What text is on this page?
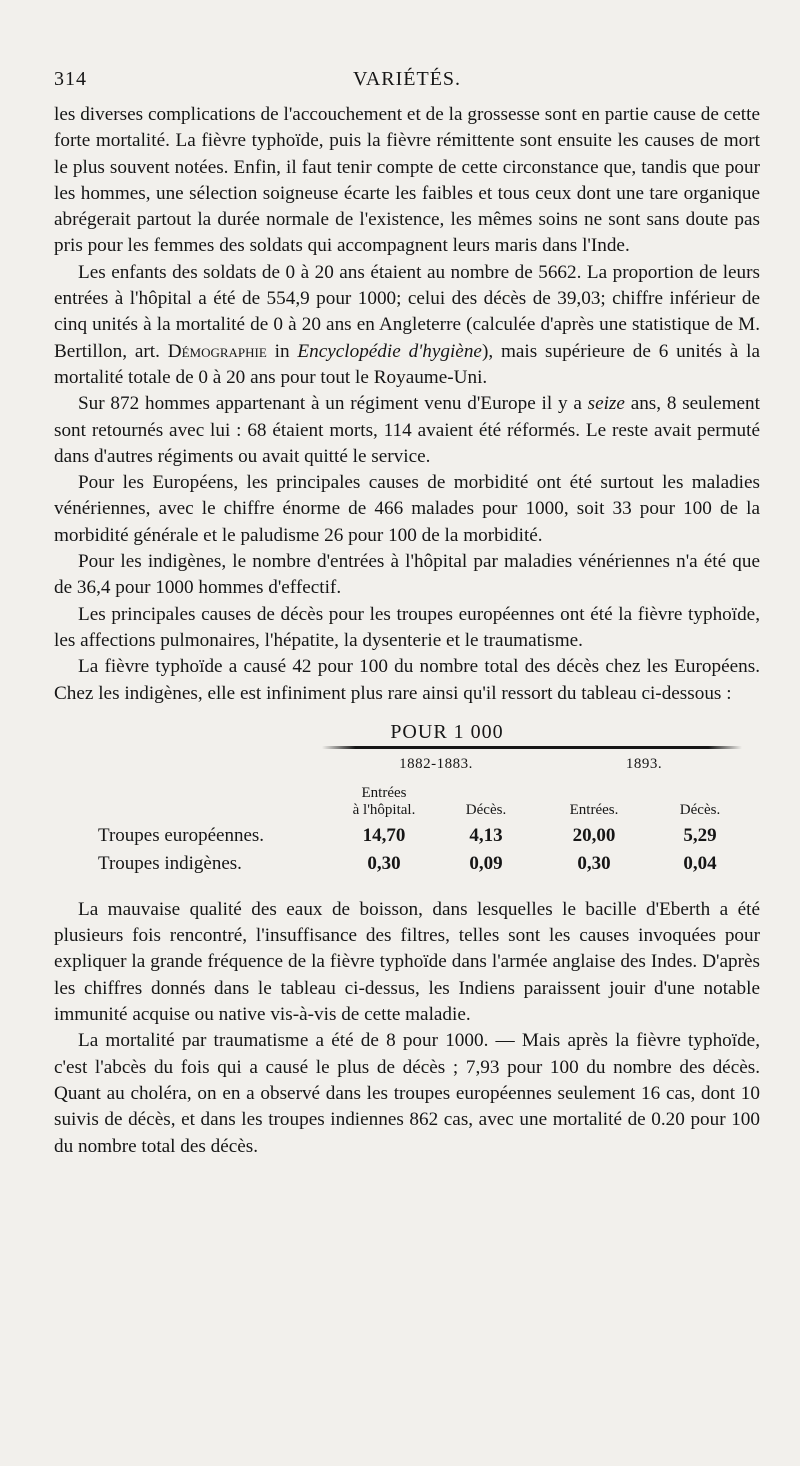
314	VARIÉTÉS.

les diverses complications de l'accouchement et de la grossesse sont en partie cause de cette forte mortalité. La fièvre typhoïde, puis la fièvre rémittente sont ensuite les causes de mort le plus souvent notées. Enfin, il faut tenir compte de cette circonstance que, tandis que pour les hommes, une sélection soigneuse écarte les faibles et tous ceux dont une tare organique abrégerait partout la durée normale de l'existence, les mêmes soins ne sont sans doute pas pris pour les femmes des soldats qui accompagnent leurs maris dans l'Inde.

Les enfants des soldats de 0 à 20 ans étaient au nombre de 5662. La proportion de leurs entrées à l'hôpital a été de 554,9 pour 1000; celui des décès de 39,03; chiffre inférieur de cinq unités à la mortalité de 0 à 20 ans en Angleterre (calculée d'après une statistique de M. Bertillon, art. Démographie in Encyclopédie d'hygiène), mais supérieure de 6 unités à la mortalité totale de 0 à 20 ans pour tout le Royaume-Uni.

Sur 872 hommes appartenant à un régiment venu d'Europe il y a seize ans, 8 seulement sont retournés avec lui : 68 étaient morts, 114 avaient été réformés. Le reste avait permuté dans d'autres régiments ou avait quitté le service.

Pour les Européens, les principales causes de morbidité ont été surtout les maladies vénériennes, avec le chiffre énorme de 466 malades pour 1000, soit 33 pour 100 de la morbidité générale et le paludisme 26 pour 100 de la morbidité.

Pour les indigènes, le nombre d'entrées à l'hôpital par maladies vénériennes n'a été que de 36,4 pour 1000 hommes d'effectif.

Les principales causes de décès pour les troupes européennes ont été la fièvre typhoïde, les affections pulmonaires, l'hépatite, la dysenterie et le traumatisme.

La fièvre typhoïde a causé 42 pour 100 du nombre total des décès chez les Européens. Chez les indigènes, elle est infiniment plus rare ainsi qu'il ressort du tableau ci-dessous :

POUR 1 000
	1882-1883.		1893.	
	Entrées
à l'hôpital.	Décès.	Entrées.	Décès.
Troupes européennes.	14,70	4,13	20,00	5,29
Troupes indigènes.	0,30	0,09	0,30	0,04

La mauvaise qualité des eaux de boisson, dans lesquelles le bacille d'Eberth a été plusieurs fois rencontré, l'insuffisance des filtres, telles sont les causes invoquées pour expliquer la grande fréquence de la fièvre typhoïde dans l'armée anglaise des Indes. D'après les chiffres donnés dans le tableau ci-dessus, les Indiens paraissent jouir d'une notable immunité acquise ou native vis-à-vis de cette maladie.

La mortalité par traumatisme a été de 8 pour 1000. — Mais après la fièvre typhoïde, c'est l'abcès du fois qui a causé le plus de décès ; 7,93 pour 100 du nombre des décès. Quant au choléra, on en a observé dans les troupes européennes seulement 16 cas, dont 10 suivis de décès, et dans les troupes indiennes 862 cas, avec une mortalité de 0.20 pour 100 du nombre total des décès.
